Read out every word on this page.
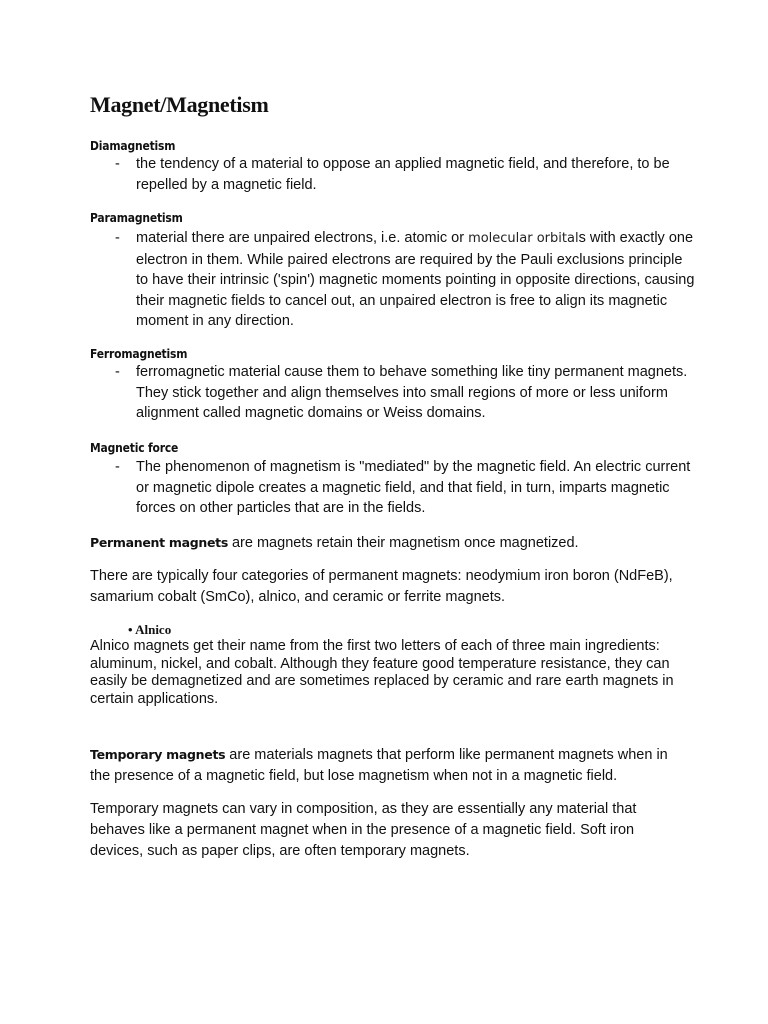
Magnet/Magnetism
Diamagnetism
- the tendency of a material to oppose an applied magnetic field, and therefore, to be repelled by a magnetic field.

Paramagnetism
- material there are unpaired electrons, i.e. atomic or molecular orbitals with exactly one electron in them. While paired electrons are required by the Pauli exclusions principle to have their intrinsic ('spin') magnetic moments pointing in opposite directions, causing their magnetic fields to cancel out, an unpaired electron is free to align its magnetic moment in any direction.

Ferromagnetism
- ferromagnetic material cause them to behave something like tiny permanent magnets. They stick together and align themselves into small regions of more or less uniform alignment called magnetic domains or Weiss domains.

Magnetic force
- The phenomenon of magnetism is "mediated" by the magnetic field. An electric current or magnetic dipole creates a magnetic field, and that field, in turn, imparts magnetic forces on other particles that are in the fields.

Permanent magnets are magnets retain their magnetism once magnetized.

There are typically four categories of permanent magnets: neodymium iron boron (NdFeB), samarium cobalt (SmCo), alnico, and ceramic or ferrite magnets.

• Alnico

Alnico magnets get their name from the first two letters of each of three main ingredients: aluminum, nickel, and cobalt. Although they feature good temperature resistance, they can easily be demagnetized and are sometimes replaced by ceramic and rare earth magnets in certain applications.

Temporary magnets are materials magnets that perform like permanent magnets when in the presence of a magnetic field, but lose magnetism when not in a magnetic field.

Temporary magnets can vary in composition, as they are essentially any material that behaves like a permanent magnet when in the presence of a magnetic field. Soft iron devices, such as paper clips, are often temporary magnets.
